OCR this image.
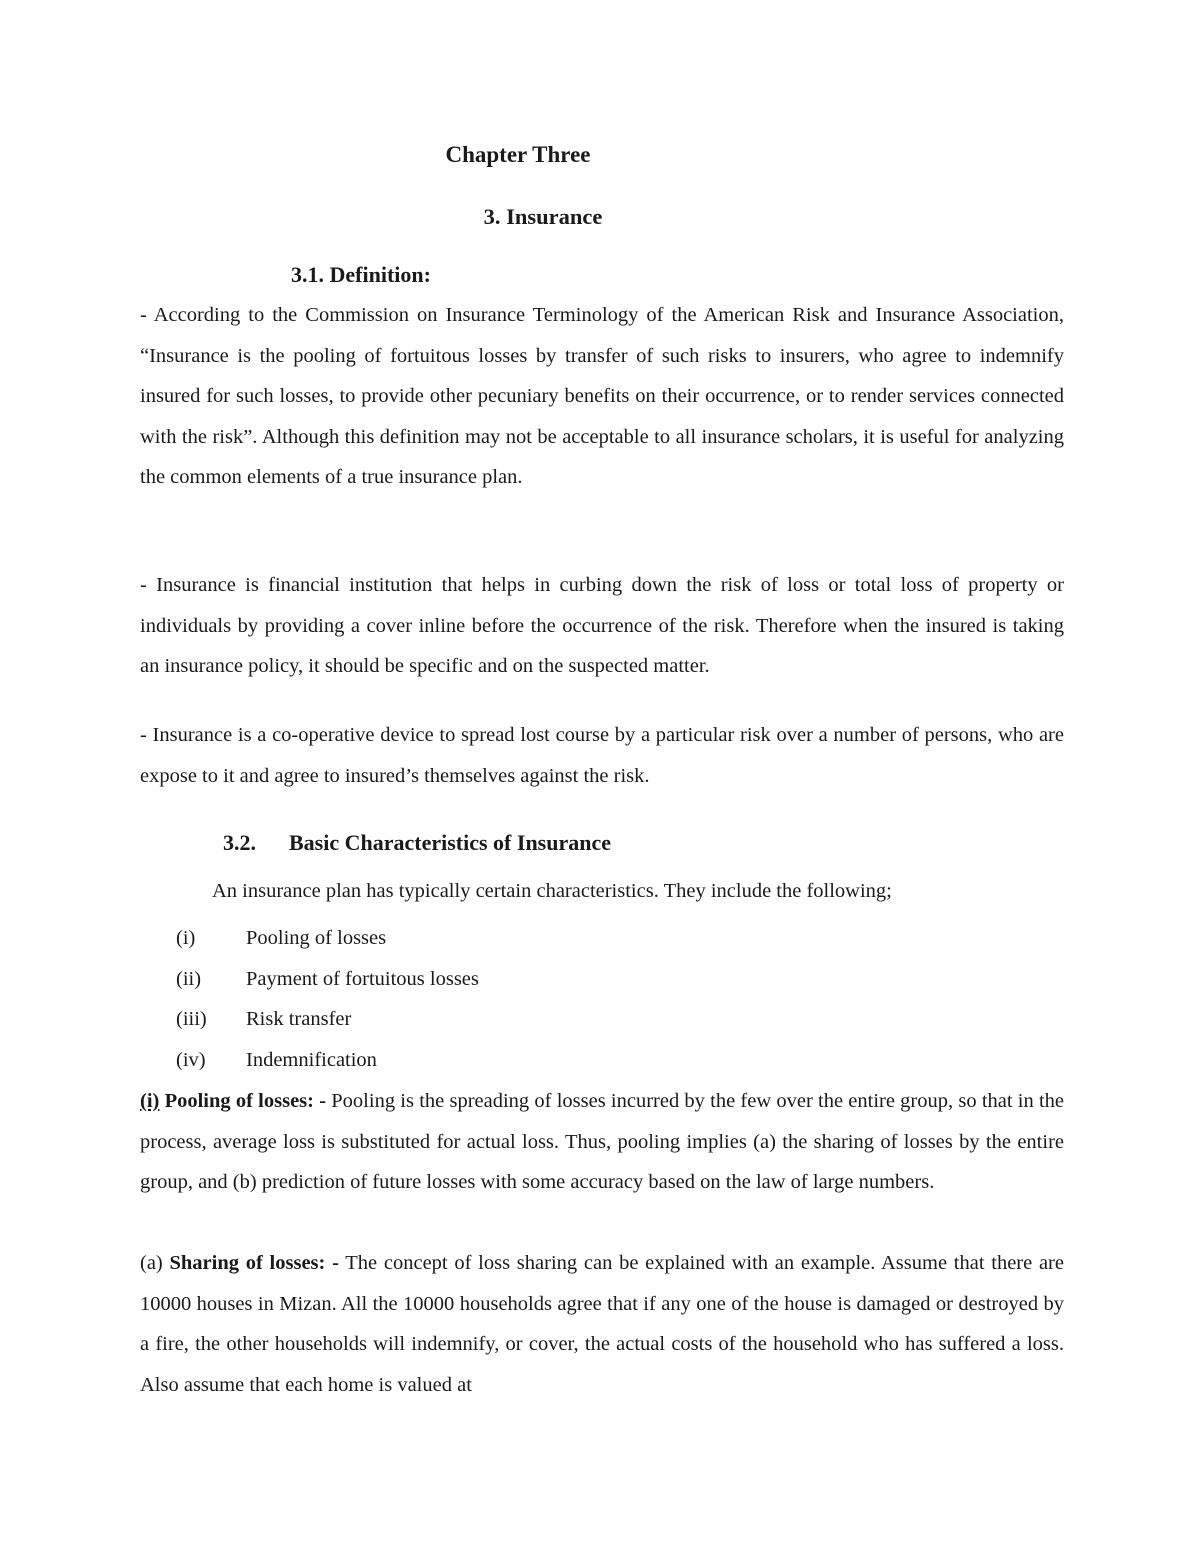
Chapter Three
3. Insurance
3.1. Definition:

- According to the Commission on Insurance Terminology of the American Risk and Insurance Association, “Insurance is the pooling of fortuitous losses by transfer of such risks to insurers, who agree to indemnify insured for such losses, to provide other pecuniary benefits on their occurrence, or to render services connected with the risk”. Although this definition may not be acceptable to all insurance scholars, it is useful for analyzing the common elements of a true insurance plan.

- Insurance is financial institution that helps in curbing down the risk of loss or total loss of property or individuals by providing a cover inline before the occurrence of the risk. Therefore when the insured is taking an insurance policy, it should be specific and on the suspected matter.

- Insurance is a co-operative device to spread lost course by a particular risk over a number of persons, who are expose to it and agree to insured’s themselves against the risk.

3.2. Basic Characteristics of Insurance

An insurance plan has typically certain characteristics. They include the following;

(i)	Pooling of losses
(ii)	Payment of fortuitous losses
(iii)	Risk transfer
(iv)	Indemnification

(i) Pooling of losses: - Pooling is the spreading of losses incurred by the few over the entire group, so that in the process, average loss is substituted for actual loss. Thus, pooling implies (a) the sharing of losses by the entire group, and (b) prediction of future losses with some accuracy based on the law of large numbers.

(a) Sharing of losses: - The concept of loss sharing can be explained with an example. Assume that there are 10000 houses in Mizan. All the 10000 households agree that if any one of the house is damaged or destroyed by a fire, the other households will indemnify, or cover, the actual costs of the household who has suffered a loss. Also assume that each home is valued at
